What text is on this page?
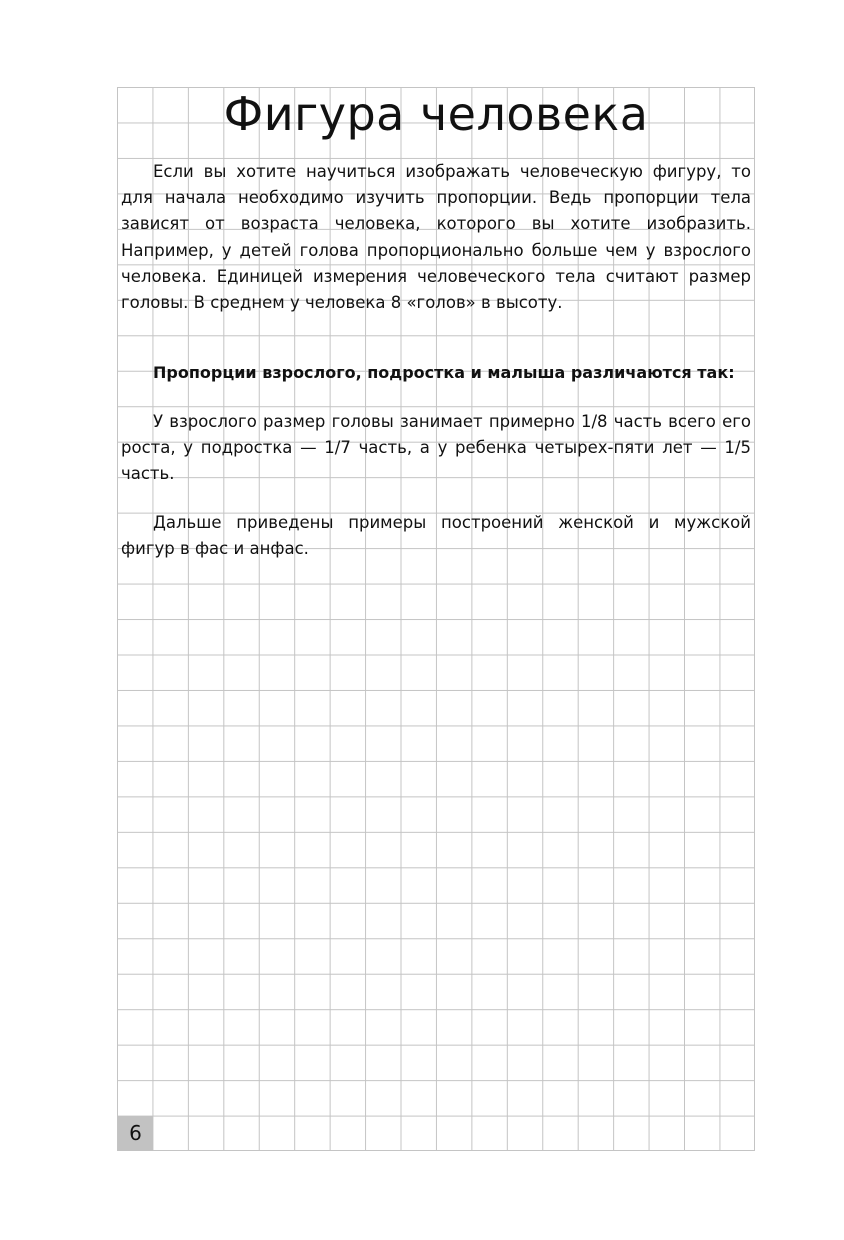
Фигура человека

Если вы хотите научиться изображать человеческую фигуру, то для начала необходимо изучить пропорции. Ведь пропорции тела зависят от возраста человека, которого вы хотите изобразить. Например, у детей голова пропорционально больше чем у взрослого человека. Единицей измерения человеческого тела считают размер головы. В среднем у человека 8 «голов» в высоту.

Пропорции взрослого, подростка и малыша различаются так:

У взрослого размер головы занимает примерно 1/8 часть всего его роста, у подростка — 1/7 часть, а у ребенка четырех-пяти лет — 1/5 часть.

Дальше приведены примеры построений женской и мужской фигур в фас и анфас.

6
